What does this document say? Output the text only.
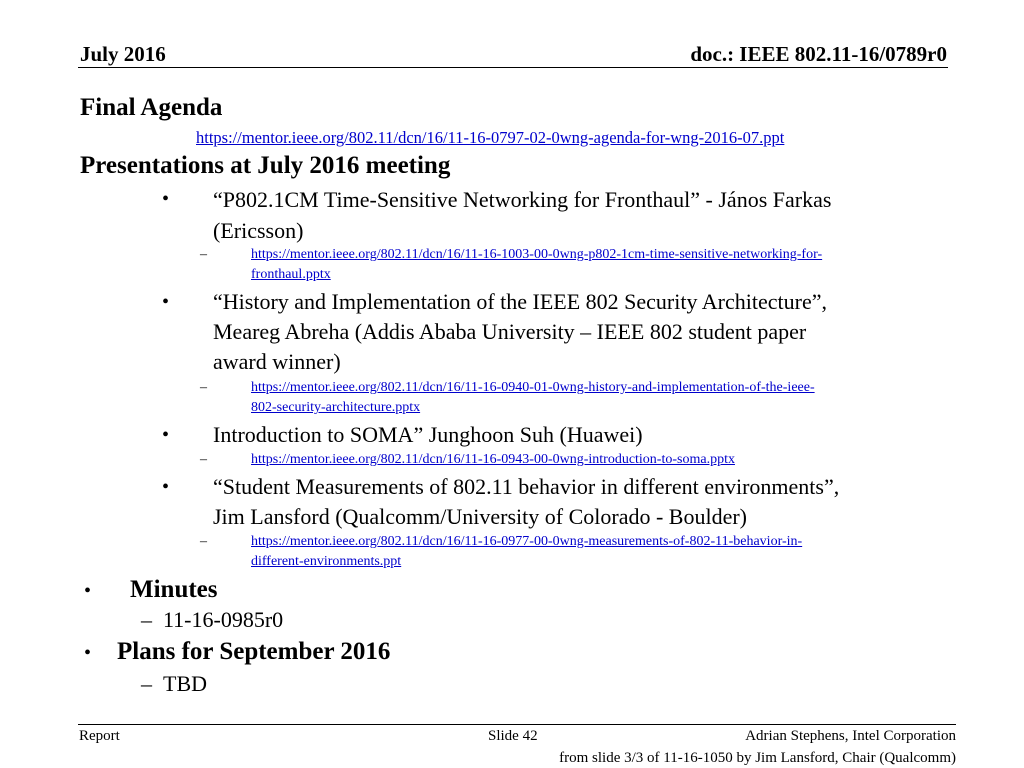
July 2016	doc.: IEEE 802.11-16/0789r0
Final Agenda
https://mentor.ieee.org/802.11/dcn/16/11-16-0797-02-0wng-agenda-for-wng-2016-07.ppt
Presentations at July 2016 meeting
• “P802.1CM Time-Sensitive Networking for Fronthaul” - János Farkas
(Ericsson)
–	https://mentor.ieee.org/802.11/dcn/16/11-16-1003-00-0wng-p802-1cm-time-sensitive-networking-for-
fronthaul.pptx
• “History and Implementation of the IEEE 802 Security Architecture”,
Meareg Abreha (Addis Ababa University – IEEE 802 student paper
award winner)
–	https://mentor.ieee.org/802.11/dcn/16/11-16-0940-01-0wng-history-and-implementation-of-the-ieee-
802-security-architecture.pptx
• Introduction to SOMA” Junghoon Suh (Huawei)
–	https://mentor.ieee.org/802.11/dcn/16/11-16-0943-00-0wng-introduction-to-soma.pptx
• “Student Measurements of 802.11 behavior in different environments”,
Jim Lansford (Qualcomm/University of Colorado - Boulder)
–	https://mentor.ieee.org/802.11/dcn/16/11-16-0977-00-0wng-measurements-of-802-11-behavior-in-
different-environments.ppt
• Minutes
– 11-16-0985r0
• Plans for September 2016
– TBD
Report	Slide 42	Adrian Stephens, Intel Corporation
from slide 3/3 of 11-16-1050 by Jim Lansford, Chair (Qualcomm)
